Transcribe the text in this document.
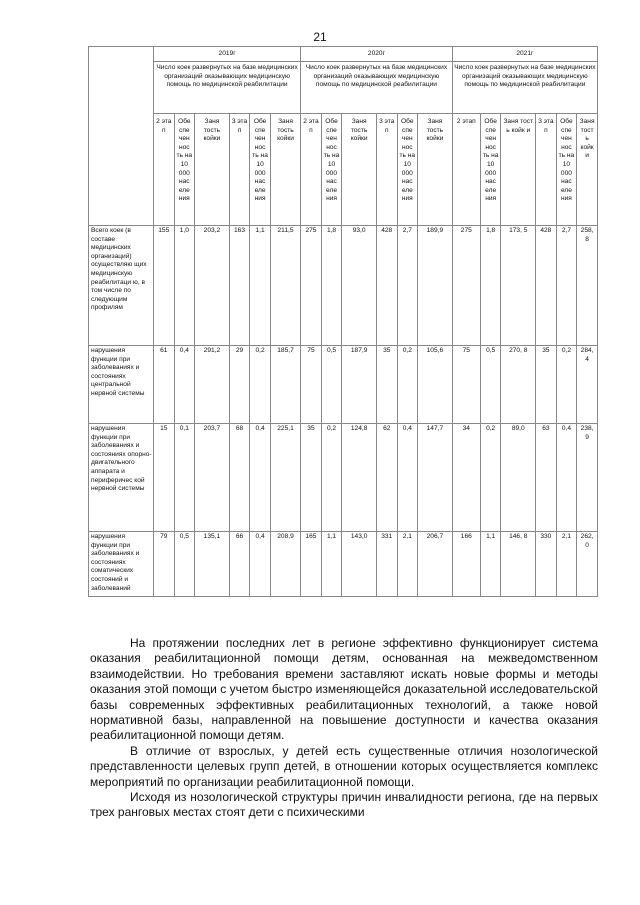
21
	2019г						2020г						2021г					
	Число коек развернутых на базе медицинских организаций оказывающих медицинскую помощь по медицинской реабилитации						Число коек развернутых на базе медицинских организаций оказывающих медицинскую помощь по медицинской реабилитации						Число коек развернутых на базе медицинских организаций оказывающих медицинскую помощь по медицинской реабилитации					
	2 эта п	Обе спе чен нос ть на 10 000 нас еле ния	Заня тость койки	3 эта п	Обе спе чен нос ть на 10 000 нас еле ния	Заня тость койки	2 эта п	Обе спе чен нос ть на 10 000 нас еле ния	Заня тость койки	3 эта п	Обе спе чен нос ть на 10 000 нас еле ния	Заня тость койки	2 этап	Обе спе чен нос ть на 10 000 нас еле ния	Заня тост ь койк и	3 эта п	Обе спе чен нос ть на 10 000 нас еле ния	Заня тост ь койк и
Всего коек (в составе медицинских организаций) осуществляю щих медицинскую реабилитаци ю, в том числе по следующим профилям	155	1,0	203,2	163	1,1	211,5	275	1,8	93,0	428	2,7	189,9	275	1,8	173, 5	428	2,7	258, 8
нарушения функции при заболеваниях и состояниях центральной нервной системы	61	0,4	291,2	29	0,2	185,7	75	0,5	187,9	35	0,2	105,6	75	0,5	270, 8	35	0,2	284, 4
нарушения функции при заболеваниях и состояниях опорно- двигательного аппарата и периферичес кой нервной системы	15	0,1	203,7	68	0,4	225,1	35	0,2	124,8	62	0,4	147,7	34	0,2	89,0	63	0,4	238, 9
нарушения функции при заболеваниях и состояниях соматических состояний и заболеваний	79	0,5	135,1	66	0,4	208,9	165	1,1	143,0	331	2,1	206,7	166	1,1	146, 8	330	2,1	262, 0

На протяжении последних лет в регионе эффективно функционирует система оказания реабилитационной помощи детям, основанная на межведомственном взаимодействии. Но требования времени заставляют искать новые формы и методы оказания этой помощи с учетом быстро изменяющейся доказательной исследовательской базы современных эффективных реабилитационных технологий, а также новой нормативной базы, направленной на повышение доступности и качества оказания реабилитационной помощи детям.

В отличие от взрослых, у детей есть существенные отличия нозологической представленности целевых групп детей, в отношении которых осуществляется комплекс мероприятий по организации реабилитационной помощи.

Исходя из нозологической структуры причин инвалидности региона, где на первых трех ранговых местах стоят дети с психическими
